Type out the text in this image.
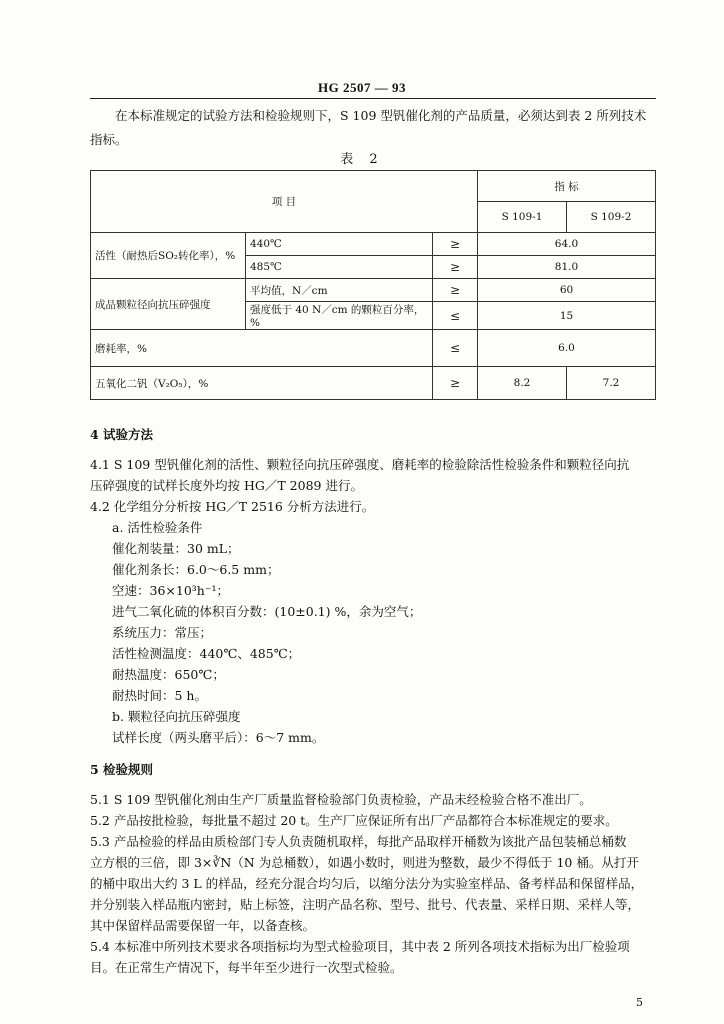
HG 2507 — 93
在本标准规定的试验方法和检验规则下，S 109 型钒催化剂的产品质量，必须达到表 2 所列技术指标。
表 2
项 目			指 标	
			S 109-1	S 109-2
活性（耐热后SO₂转化率），%	440℃	≥	64.0	
	485℃	≥	81.0	
成品颗粒径向抗压碎强度	平均值，N／cm	≥	60	
	强度低于 40 N／cm 的颗粒百分率，%	≤	15	
磨耗率，%		≤	6.0	
五氧化二钒（V₂O₅），%		≥	8.2	7.2
4 试验方法
4.1 S 109 型钒催化剂的活性、颗粒径向抗压碎强度、磨耗率的检验除活性检验条件和颗粒径向抗
压碎强度的试样长度外均按 HG／T 2089 进行。
4.2 化学组分分析按 HG／T 2516 分析方法进行。
a. 活性检验条件
催化剂装量：30 mL；
催化剂条长：6.0～6.5 mm；
空速：36×10³h⁻¹；
进气二氧化硫的体积百分数：(10±0.1) %，余为空气；
系统压力：常压；
活性检测温度：440℃、485℃；
耐热温度：650℃；
耐热时间：5 h。
b. 颗粒径向抗压碎强度
试样长度（两头磨平后）：6～7 mm。
5 检验规则
5.1 S 109 型钒催化剂由生产厂质量监督检验部门负责检验，产品未经检验合格不准出厂。
5.2 产品按批检验，每批量不超过 20 t。生产厂应保证所有出厂产品都符合本标准规定的要求。
5.3 产品检验的样品由质检部门专人负责随机取样，每批产品取样开桶数为该批产品包装桶总桶数
立方根的三倍，即 3×∛N（N 为总桶数），如遇小数时，则进为整数，最少不得低于 10 桶。从打开
的桶中取出大约 3 L 的样品，经充分混合均匀后，以缩分法分为实验室样品、备考样品和保留样品，
并分别装入样品瓶内密封，贴上标签，注明产品名称、型号、批号、代表量、采样日期、采样人等，
其中保留样品需要保留一年，以备查核。
5.4 本标准中所列技术要求各项指标均为型式检验项目，其中表 2 所列各项技术指标为出厂检验项
目。在正常生产情况下，每半年至少进行一次型式检验。
5
